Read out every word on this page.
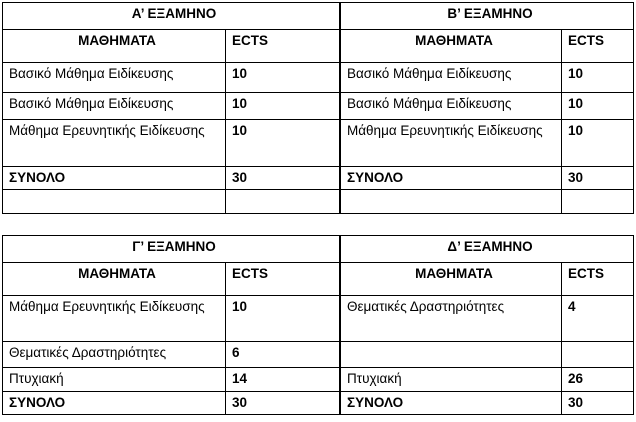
Α’ ΕΞΑΜΗΝΟ	
ΜΑΘΗΜΑΤΑ	ECTS
Βασικό Μάθημα Ειδίκευσης	10
Βασικό Μάθημα Ειδίκευσης	10
Μάθημα Ερευνητικής Ειδίκευσης	10
ΣΥΝΟΛΟ	30

Β’ ΕΞΑΜΗΝΟ	
ΜΑΘΗΜΑΤΑ	ECTS
Βασικό Μάθημα Ειδίκευσης	10
Βασικό Μάθημα Ειδίκευσης	10
Μάθημα Ερευνητικής Ειδίκευσης	10
ΣΥΝΟΛΟ	30

Γ’ ΕΞΑΜΗΝΟ	
ΜΑΘΗΜΑΤΑ	ECTS
Μάθημα Ερευνητικής Ειδίκευσης	10
Θεματικές Δραστηριότητες	6
Πτυχιακή	14
ΣΥΝΟΛΟ	30
Δ’ ΕΞΑΜΗΝΟ	
ΜΑΘΗΜΑΤΑ	ECTS
Θεματικές Δραστηριότητες	4

Πτυχιακή	26
ΣΥΝΟΛΟ	30
